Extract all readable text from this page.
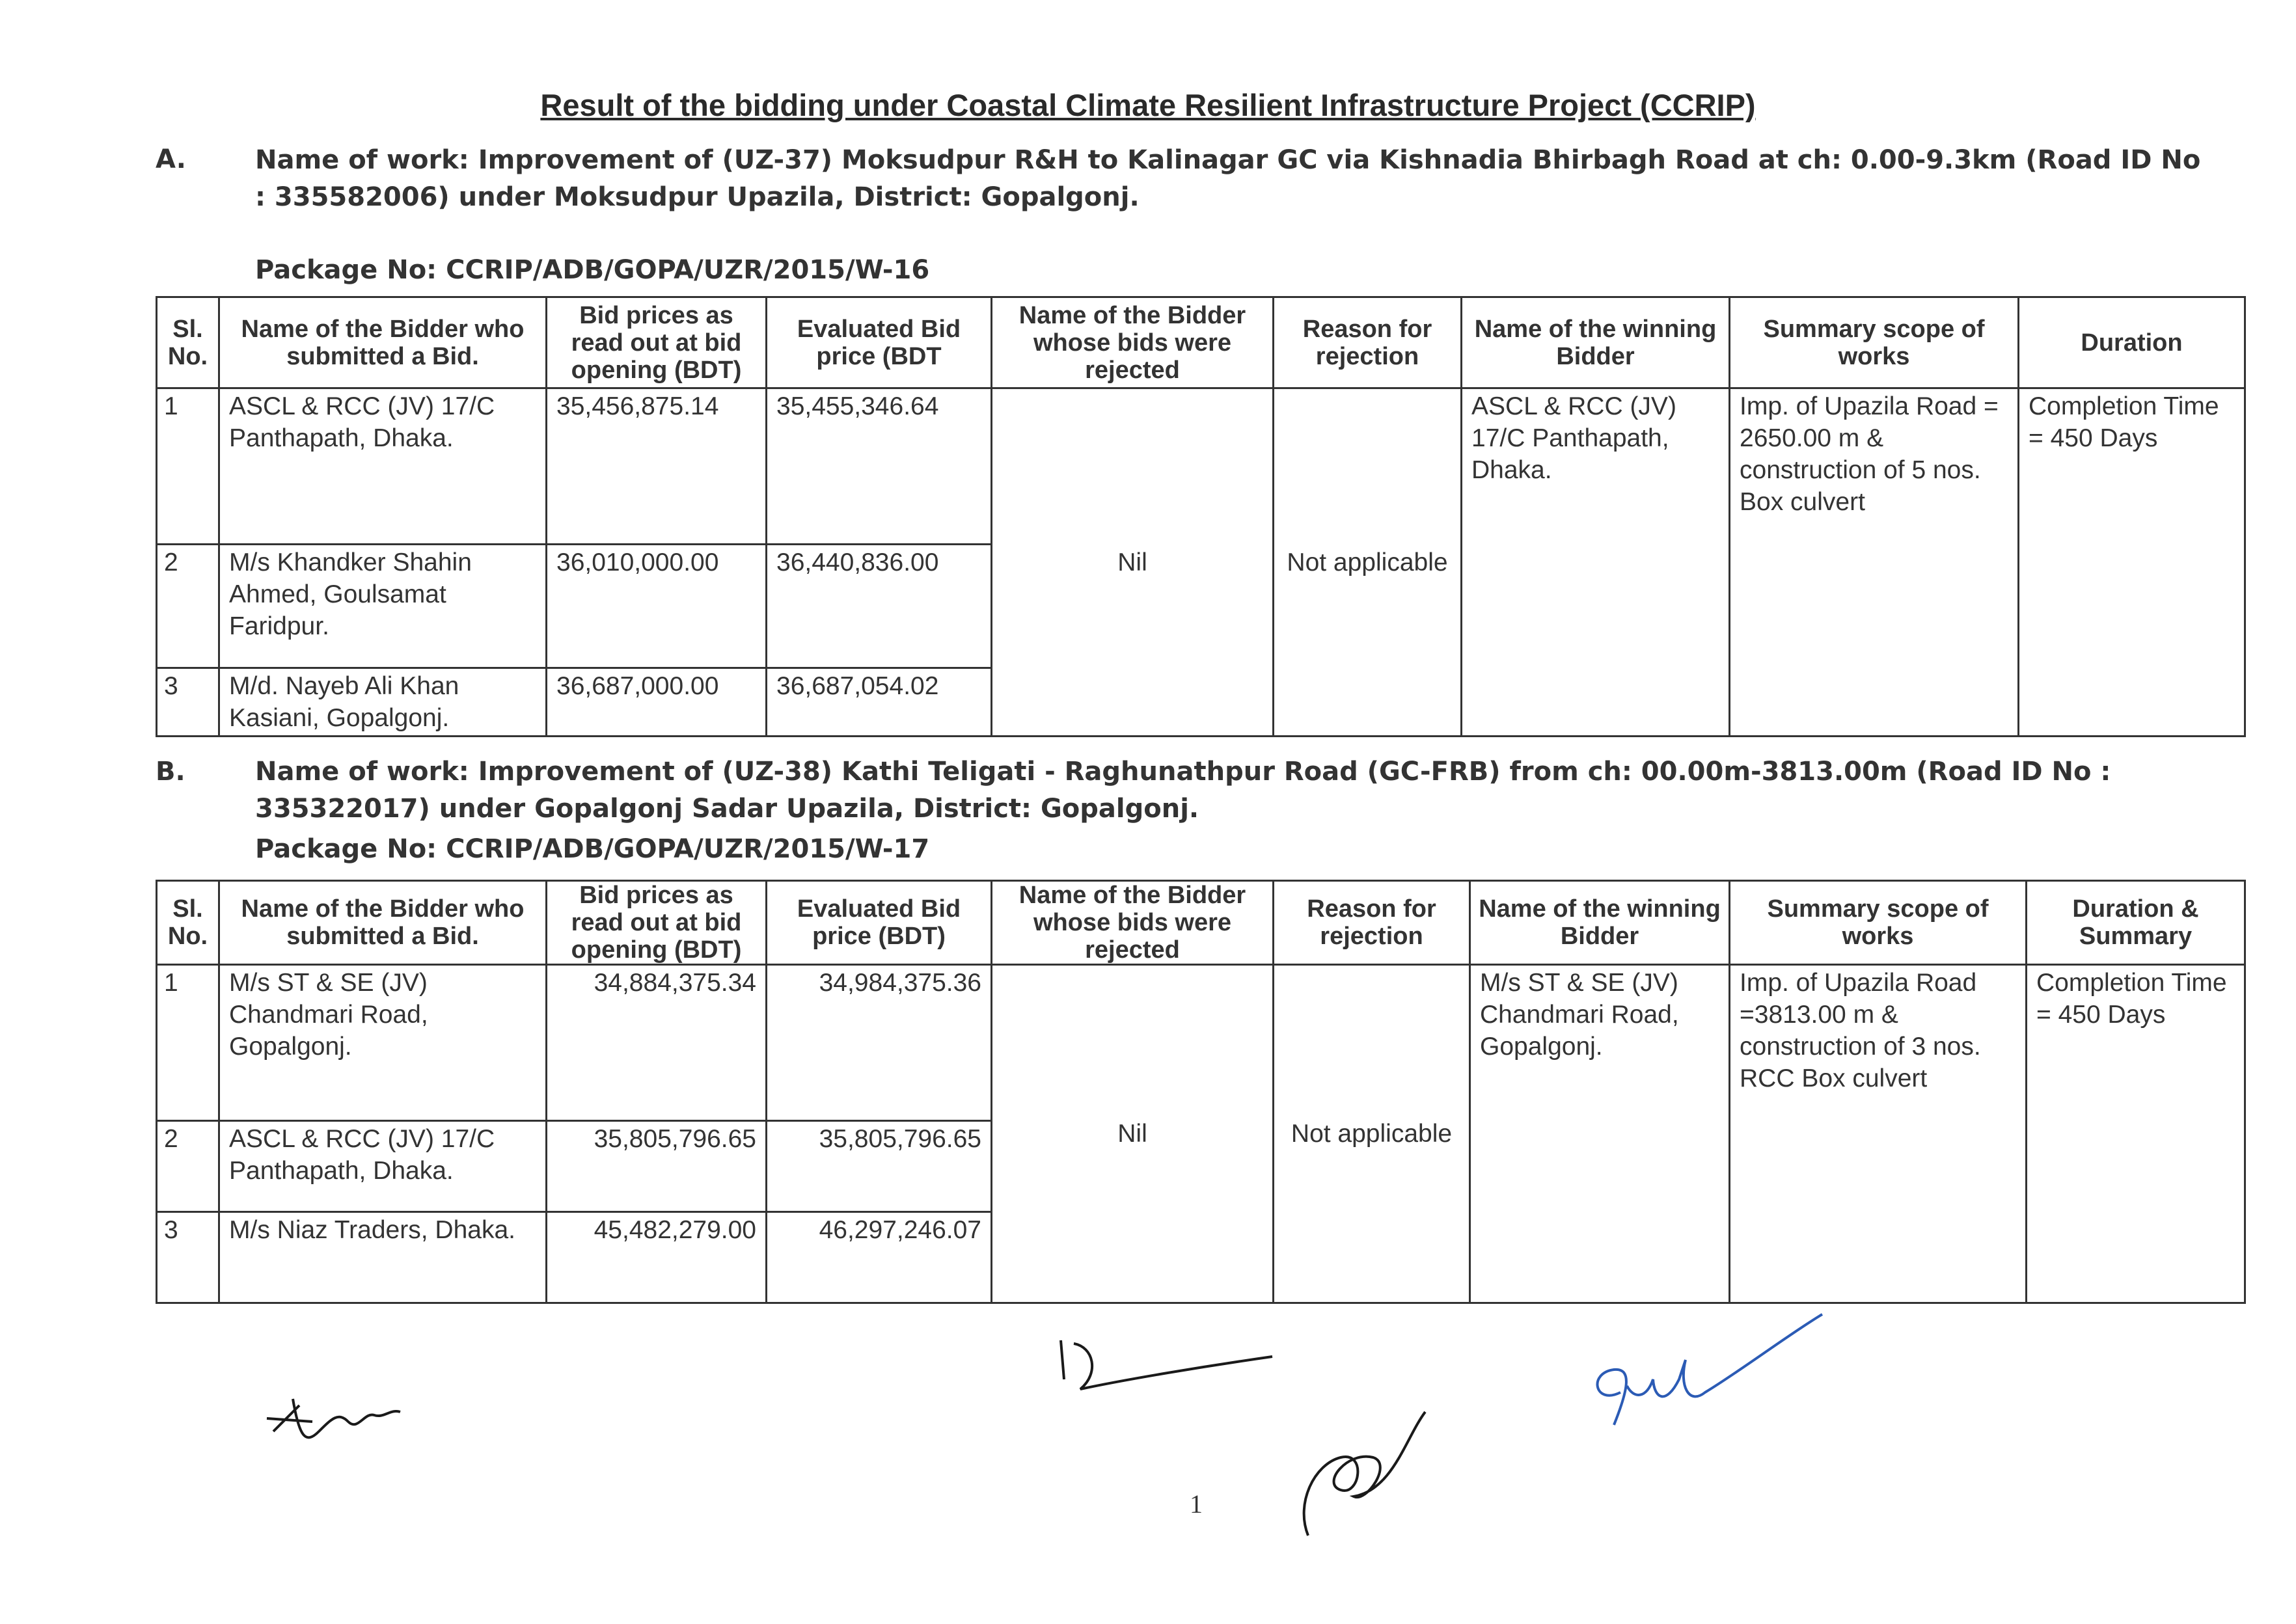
Result of the bidding under Coastal Climate Resilient Infrastructure Project (CCRIP)
A.	Name of work: Improvement of (UZ-37) Moksudpur R&H to Kalinagar GC via Kishnadia Bhirbagh Road at ch: 0.00-9.3km (Road ID No : 335582006) under Moksudpur Upazila, District: Gopalgonj.
Package No: CCRIP/ADB/GOPA/UZR/2015/W-16
Sl. No.	Name of the Bidder who submitted a Bid.	Bid prices as read out at bid opening (BDT)	Evaluated Bid price (BDT	Name of the Bidder whose bids were rejected	Reason for rejection	Name of the winning Bidder	Summary scope of works	Duration
1	ASCL & RCC (JV) 17/C Panthapath, Dhaka.	35,456,875.14	35,455,346.64	Nil	Not applicable	ASCL & RCC (JV) 17/C Panthapath, Dhaka.	Imp. of Upazila Road = 2650.00 m & construction of 5 nos. Box culvert	Completion Time = 450 Days
2	M/s Khandker Shahin Ahmed, Goulsamat Faridpur.	36,010,000.00	36,440,836.00					
3	M/d. Nayeb Ali Khan Kasiani, Gopalgonj.	36,687,000.00	36,687,054.02					
B.	Name of work: Improvement of (UZ-38) Kathi Teligati - Raghunathpur Road (GC-FRB) from ch: 00.00m-3813.00m (Road ID No : 335322017) under Gopalgonj Sadar Upazila, District: Gopalgonj.
Package No: CCRIP/ADB/GOPA/UZR/2015/W-17
Sl. No.	Name of the Bidder who submitted a Bid.	Bid prices as read out at bid opening (BDT)	Evaluated Bid price (BDT)	Name of the Bidder whose bids were rejected	Reason for rejection	Name of the winning Bidder	Summary scope of works	Duration & Summary
1	M/s ST & SE (JV) Chandmari Road, Gopalgonj.	34,884,375.34	34,984,375.36	Nil	Not applicable	M/s ST & SE (JV) Chandmari Road, Gopalgonj.	Imp. of Upazila Road =3813.00 m & construction of 3 nos. RCC Box culvert	Completion Time = 450 Days
2	ASCL & RCC (JV) 17/C Panthapath, Dhaka.	35,805,796.65	35,805,796.65					
3	M/s Niaz Traders, Dhaka.	45,482,279.00	46,297,246.07					
1
